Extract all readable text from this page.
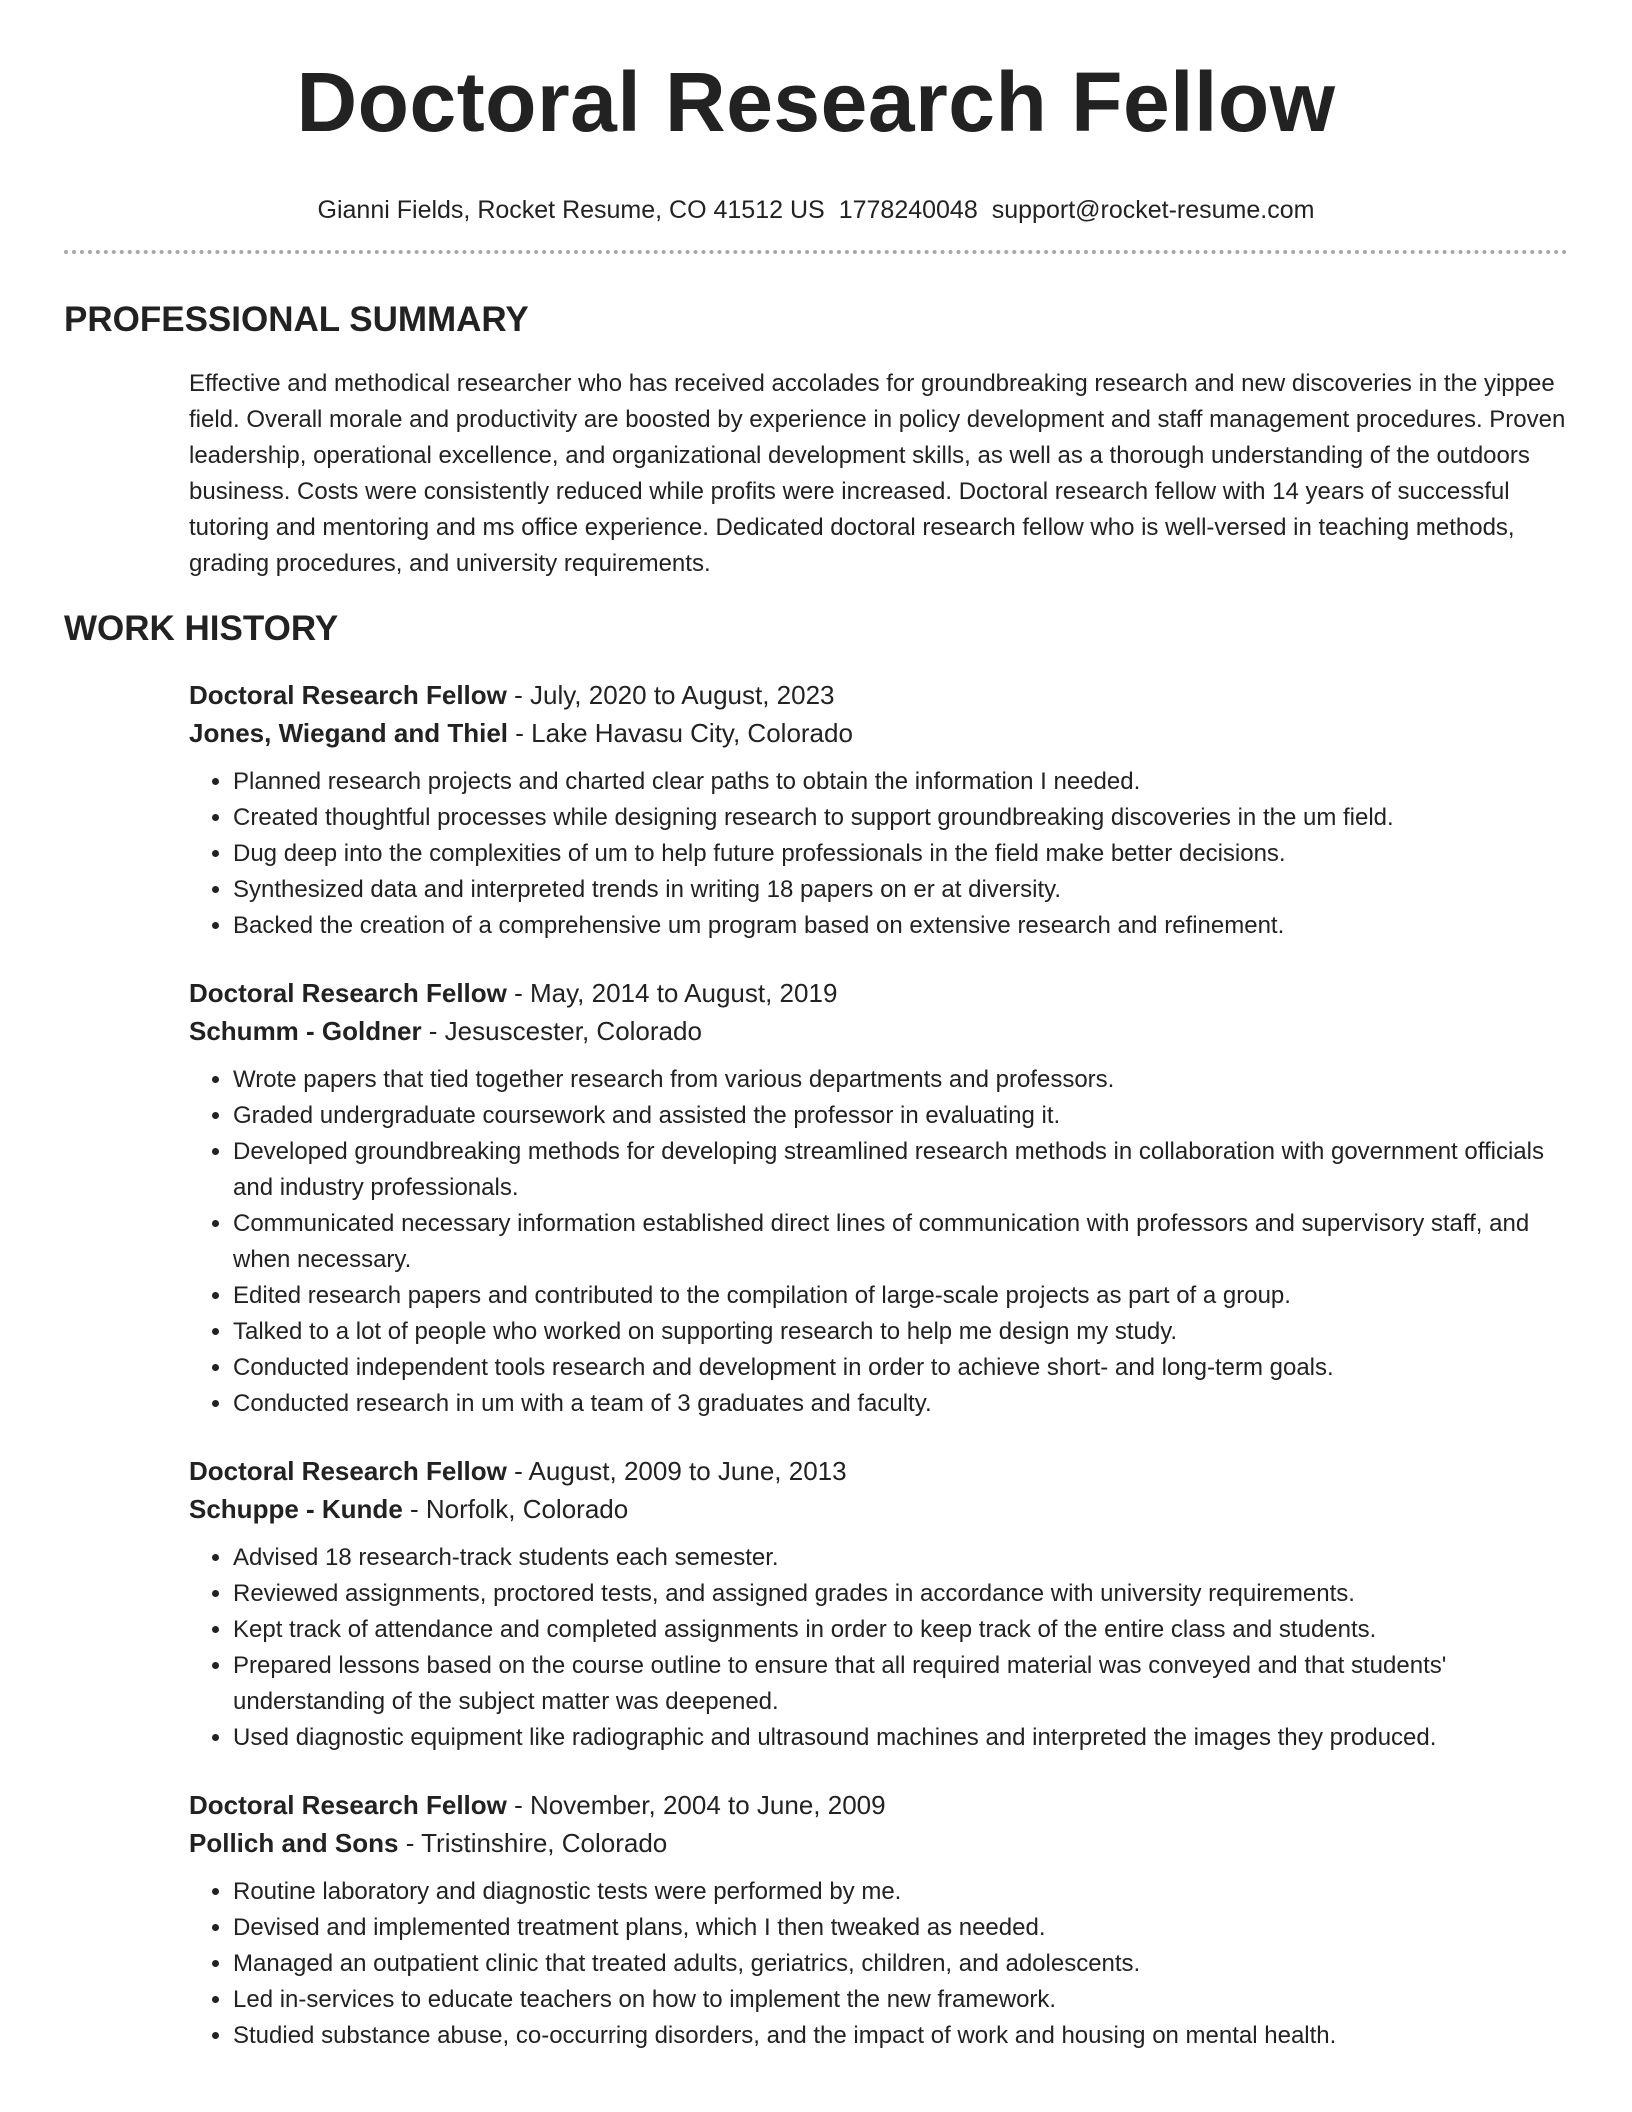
Doctoral Research Fellow
Gianni Fields, Rocket Resume, CO 41512 US 1778240048 support@rocket-resume.com
PROFESSIONAL SUMMARY

Effective and methodical researcher who has received accolades for groundbreaking research and new discoveries in the yippee field. Overall morale and productivity are boosted by experience in policy development and staff management procedures. Proven leadership, operational excellence, and organizational development skills, as well as a thorough understanding of the outdoors business. Costs were consistently reduced while profits were increased. Doctoral research fellow with 14 years of successful tutoring and mentoring and ms office experience. Dedicated doctoral research fellow who is well-versed in teaching methods, grading procedures, and university requirements.

WORK HISTORY
Doctoral Research Fellow - July, 2020 to August, 2023
Jones, Wiegand and Thiel - Lake Havasu City, Colorado
• Planned research projects and charted clear paths to obtain the information I needed.
• Created thoughtful processes while designing research to support groundbreaking discoveries in the um field.
• Dug deep into the complexities of um to help future professionals in the field make better decisions.
• Synthesized data and interpreted trends in writing 18 papers on er at diversity.
• Backed the creation of a comprehensive um program based on extensive research and refinement.
Doctoral Research Fellow - May, 2014 to August, 2019
Schumm - Goldner - Jesuscester, Colorado
• Wrote papers that tied together research from various departments and professors.
• Graded undergraduate coursework and assisted the professor in evaluating it.
• Developed groundbreaking methods for developing streamlined research methods in collaboration with government officials and industry professionals.
• Communicated necessary information established direct lines of communication with professors and supervisory staff, and when necessary.
• Edited research papers and contributed to the compilation of large-scale projects as part of a group.
• Talked to a lot of people who worked on supporting research to help me design my study.
• Conducted independent tools research and development in order to achieve short- and long-term goals.
• Conducted research in um with a team of 3 graduates and faculty.
Doctoral Research Fellow - August, 2009 to June, 2013
Schuppe - Kunde - Norfolk, Colorado
• Advised 18 research-track students each semester.
• Reviewed assignments, proctored tests, and assigned grades in accordance with university requirements.
• Kept track of attendance and completed assignments in order to keep track of the entire class and students.
• Prepared lessons based on the course outline to ensure that all required material was conveyed and that students' understanding of the subject matter was deepened.
• Used diagnostic equipment like radiographic and ultrasound machines and interpreted the images they produced.
Doctoral Research Fellow - November, 2004 to June, 2009
Pollich and Sons - Tristinshire, Colorado
• Routine laboratory and diagnostic tests were performed by me.
• Devised and implemented treatment plans, which I then tweaked as needed.
• Managed an outpatient clinic that treated adults, geriatrics, children, and adolescents.
• Led in-services to educate teachers on how to implement the new framework.
• Studied substance abuse, co-occurring disorders, and the impact of work and housing on mental health.
